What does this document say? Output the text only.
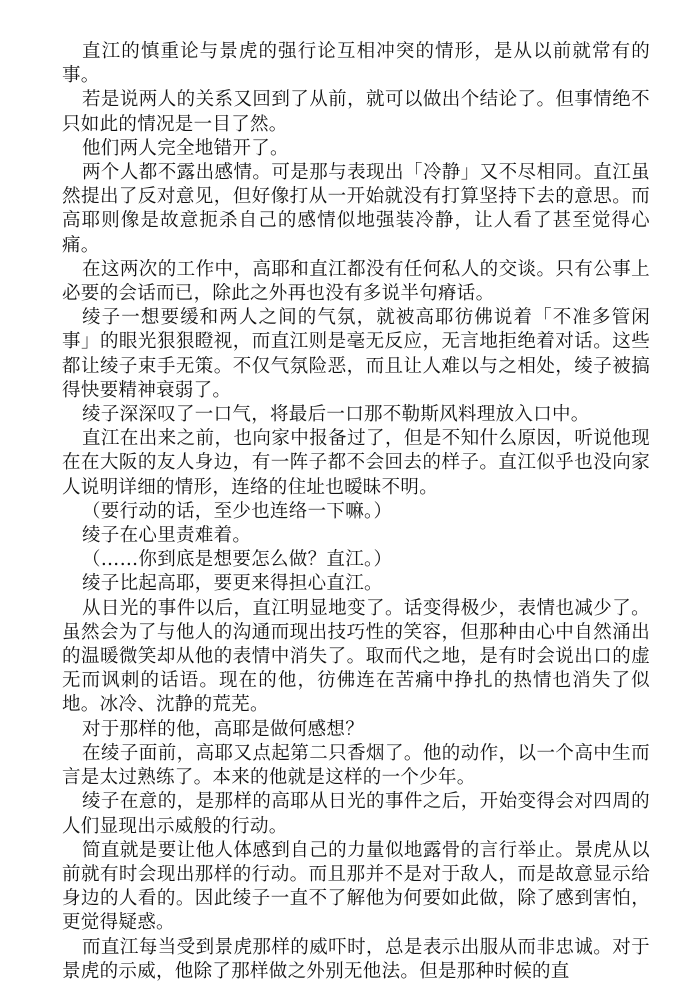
直江的慎重论与景虎的强行论互相冲突的情形，是从以前就常有的事。

若是说两人的关系又回到了从前，就可以做出个结论了。但事情绝不只如此的情况是一目了然。

他们两人完全地错开了。

两个人都不露出感情。可是那与表现出「冷静」又不尽相同。直江虽然提出了反对意见，但好像打从一开始就没有打算坚持下去的意思。而高耶则像是故意扼杀自己的感情似地强装冷静，让人看了甚至觉得心痛。

在这两次的工作中，高耶和直江都没有任何私人的交谈。只有公事上必要的会话而已，除此之外再也没有多说半句瘠话。

绫子一想要缓和两人之间的气氛，就被高耶彷佛说着「不准多管闲事」的眼光狠狠瞪视，而直江则是毫无反应，无言地拒绝着对话。这些都让绫子束手无策。不仅气氛险恶，而且让人难以与之相处，绫子被搞得快要精神衰弱了。

绫子深深叹了一口气，将最后一口那不勒斯风料理放入口中。

直江在出来之前，也向家中报备过了，但是不知什么原因，听说他现在在大阪的友人身边，有一阵子都不会回去的样子。直江似乎也没向家人说明详细的情形，连络的住址也暧昧不明。

（要行动的话，至少也连络一下嘛。）

绫子在心里责难着。

（……你到底是想要怎么做？直江。）

绫子比起高耶，要更来得担心直江。

从日光的事件以后，直江明显地变了。话变得极少，表情也减少了。虽然会为了与他人的沟通而现出技巧性的笑容，但那种由心中自然涌出的温暖微笑却从他的表情中消失了。取而代之地，是有时会说出口的虚无而讽刺的话语。现在的他，彷佛连在苦痛中挣扎的热情也消失了似地。冰冷、沈静的荒芜。

对于那样的他，高耶是做何感想？

在绫子面前，高耶又点起第二只香烟了。他的动作，以一个高中生而言是太过熟练了。本来的他就是这样的一个少年。

绫子在意的，是那样的高耶从日光的事件之后，开始变得会对四周的人们显现出示威般的行动。

简直就是要让他人体感到自己的力量似地露骨的言行举止。景虎从以前就有时会现出那样的行动。而且那并不是对于敌人，而是故意显示给身边的人看的。因此绫子一直不了解他为何要如此做，除了感到害怕，更觉得疑惑。

而直江每当受到景虎那样的威吓时，总是表示出服从而非忠诚。对于景虎的示威，他除了那样做之外别无他法。但是那种时候的直
